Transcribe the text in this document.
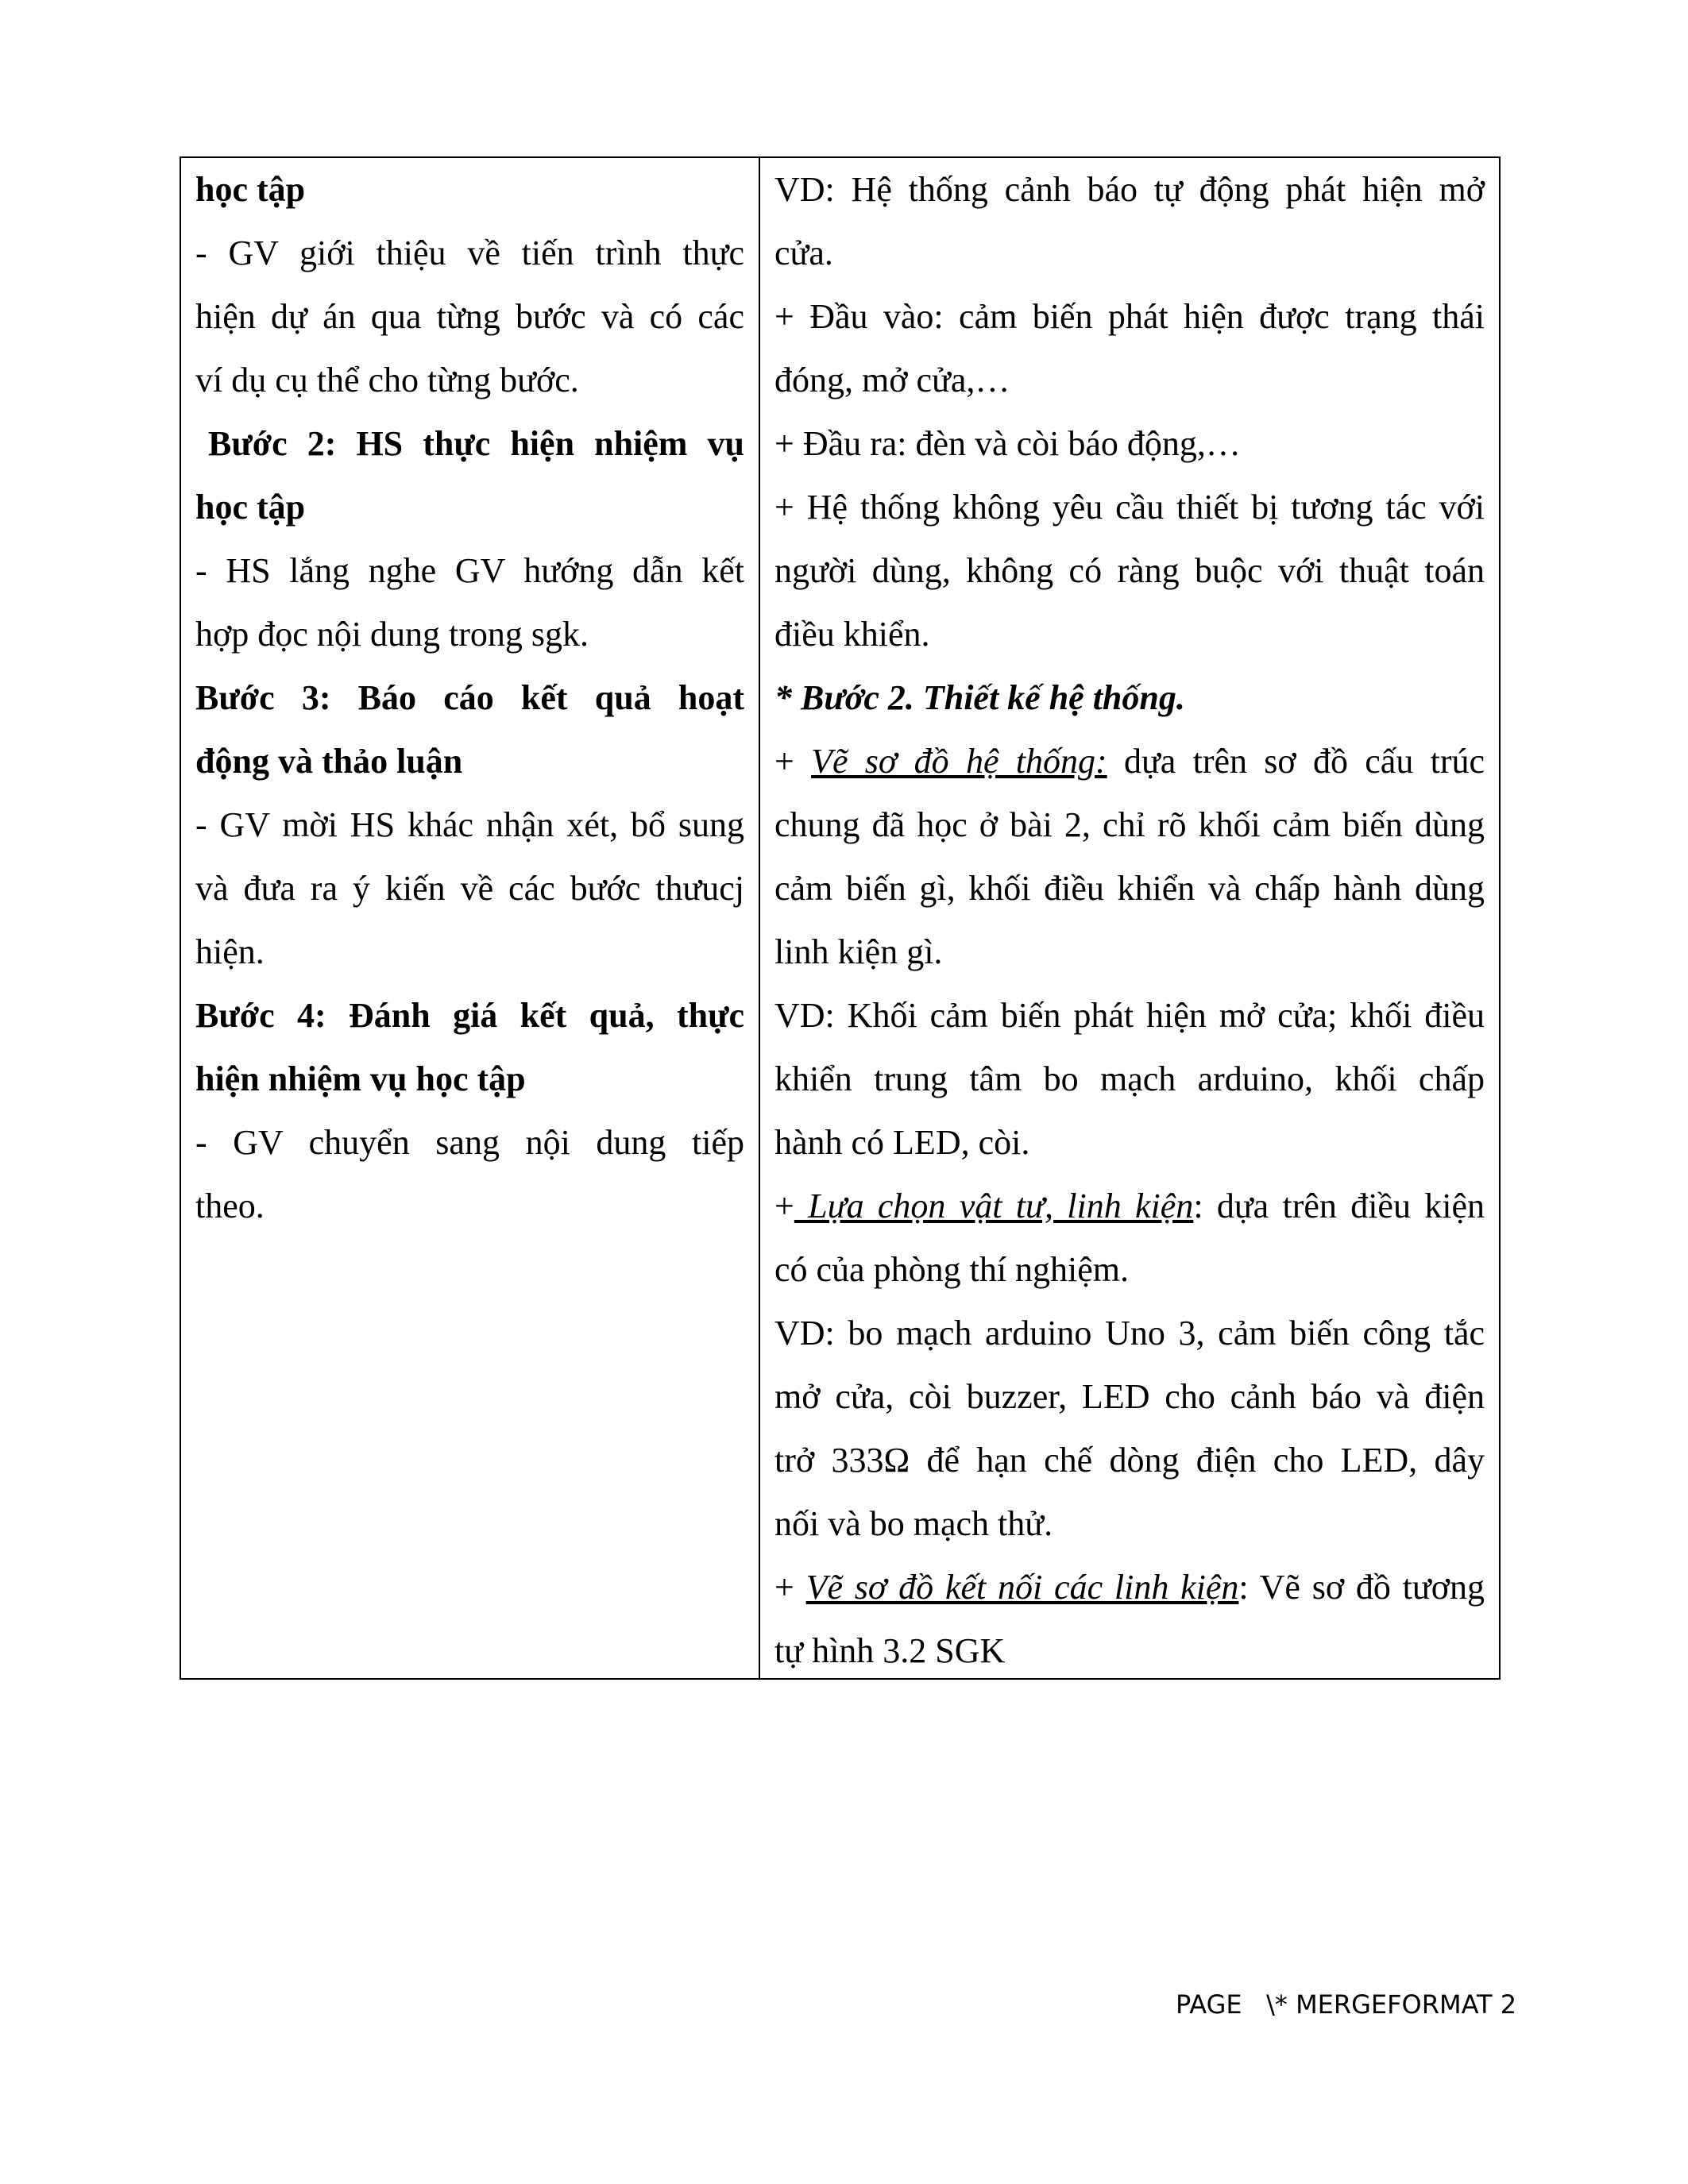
học tập
- GV giới thiệu về tiến trình thực
hiện dự án qua từng bước và có các
ví dụ cụ thể cho từng bước.
Bước 2: HS thực hiện nhiệm vụ
học tập
- HS lắng nghe GV hướng dẫn kết
hợp đọc nội dung trong sgk.
Bước 3: Báo cáo kết quả hoạt
động và thảo luận
- GV mời HS khác nhận xét, bổ sung
và đưa ra ý kiến về các bước thưucj
hiện.
Bước 4: Đánh giá kết quả, thực
hiện nhiệm vụ học tập
- GV chuyển sang nội dung tiếp
theo.
VD: Hệ thống cảnh báo tự động phát hiện mở
cửa.
+ Đầu vào: cảm biến phát hiện được trạng thái
đóng, mở cửa,…
+ Đầu ra: đèn và còi báo động,…
+ Hệ thống không yêu cầu thiết bị tương tác với
người dùng, không có ràng buộc với thuật toán
điều khiển.
* Bước 2. Thiết kế hệ thống.
+ Vẽ sơ đồ hệ thống: dựa trên sơ đồ cấu trúc
chung đã học ở bài 2, chỉ rõ khối cảm biến dùng
cảm biến gì, khối điều khiển và chấp hành dùng
linh kiện gì.
VD: Khối cảm biến phát hiện mở cửa; khối điều
khiển trung tâm bo mạch arduino, khối chấp
hành có LED, còi.
+ Lựa chọn vật tư, linh kiện: dựa trên điều kiện
có của phòng thí nghiệm.
VD: bo mạch arduino Uno 3, cảm biến công tắc
mở cửa, còi buzzer, LED cho cảnh báo và điện
trở 333Ω để hạn chế dòng điện cho LED, dây
nối và bo mạch thử.
+ Vẽ sơ đồ kết nối các linh kiện: Vẽ sơ đồ tương
tự hình 3.2 SGK
PAGE   \* MERGEFORMAT 2
